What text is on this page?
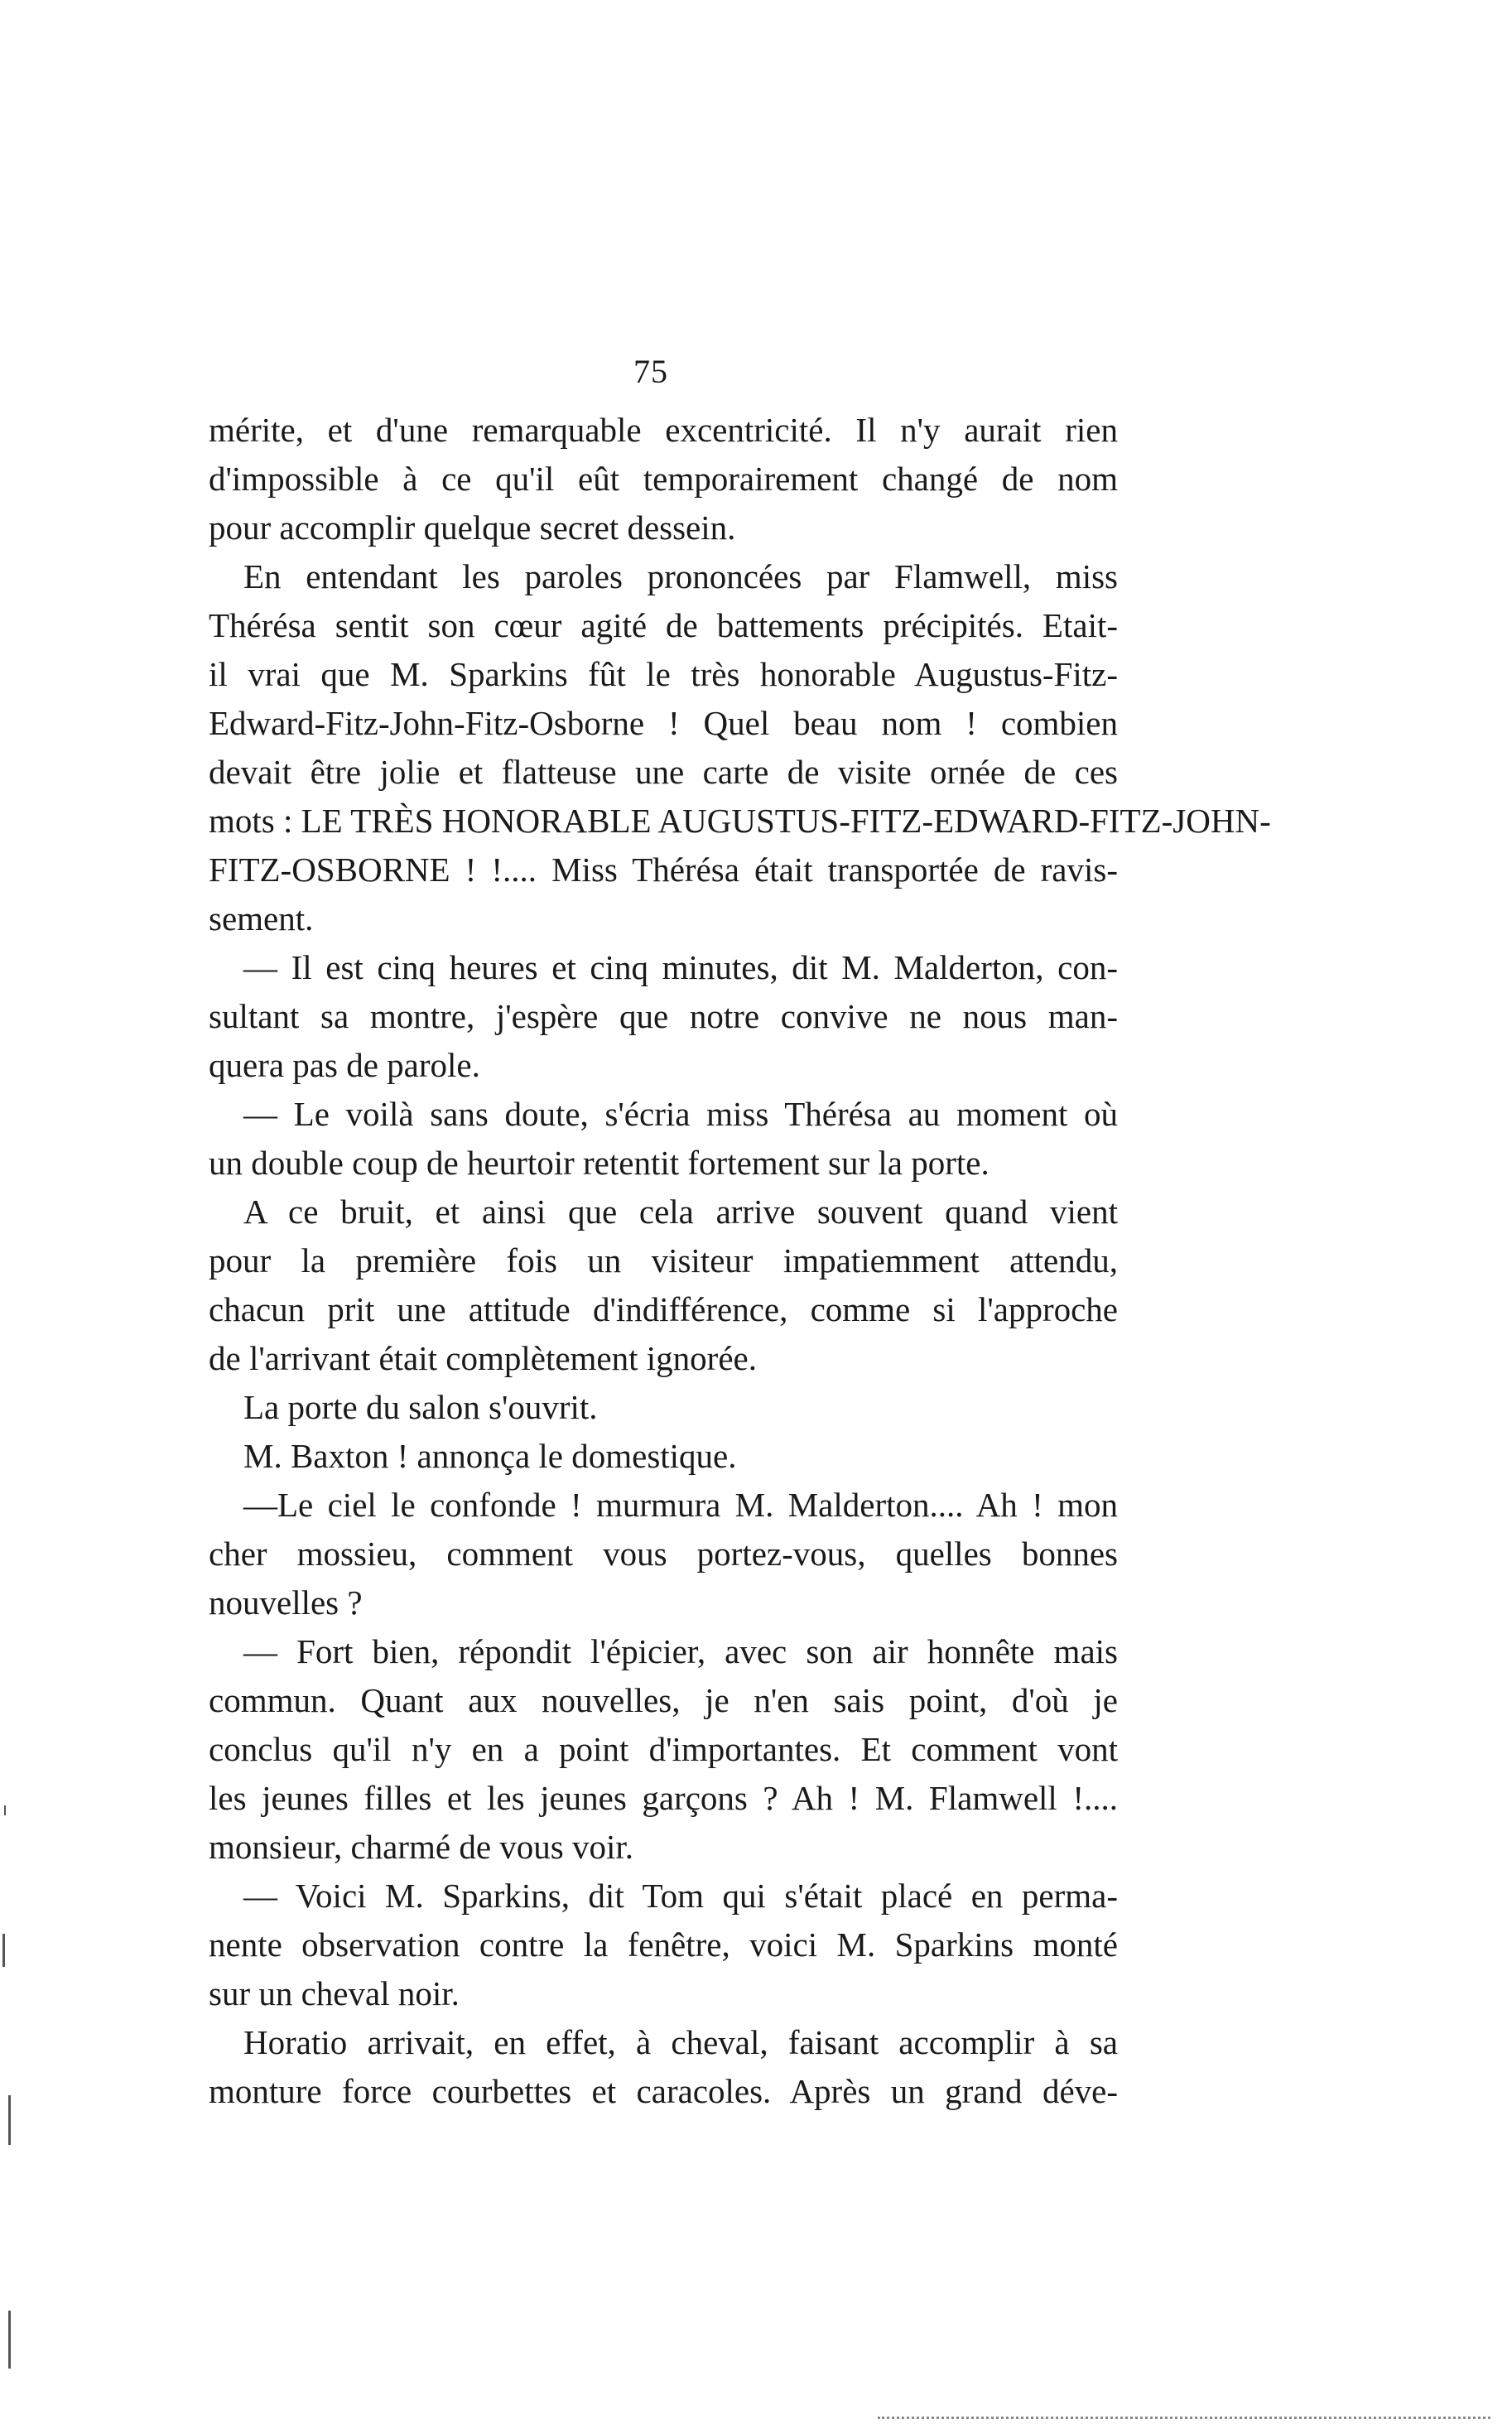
75
mérite, et d'une remarquable excentricité. Il n'y aurait rien
d'impossible à ce qu'il eût temporairement changé de nom
pour accomplir quelque secret dessein.
En entendant les paroles prononcées par Flamwell, miss
Thérésa sentit son cœur agité de battements précipités. Etait-
il vrai que M. Sparkins fût le très honorable Augustus-Fitz-
Edward-Fitz-John-Fitz-Osborne ! Quel beau nom ! combien
devait être jolie et flatteuse une carte de visite ornée de ces
mots : LE TRÈS HONORABLE AUGUSTUS-FITZ-EDWARD-FITZ-JOHN-
FITZ-OSBORNE ! !.... Miss Thérésa était transportée de ravis-
sement.
— Il est cinq heures et cinq minutes, dit M. Malderton, con-
sultant sa montre, j'espère que notre convive ne nous man-
quera pas de parole.
— Le voilà sans doute, s'écria miss Thérésa au moment où
un double coup de heurtoir retentit fortement sur la porte.
A ce bruit, et ainsi que cela arrive souvent quand vient
pour la première fois un visiteur impatiemment attendu,
chacun prit une attitude d'indifférence, comme si l'approche
de l'arrivant était complètement ignorée.
La porte du salon s'ouvrit.
M. Baxton ! annonça le domestique.
—Le ciel le confonde ! murmura M. Malderton.... Ah ! mon
cher mossieu, comment vous portez-vous, quelles bonnes
nouvelles ?
— Fort bien, répondit l'épicier, avec son air honnête mais
commun. Quant aux nouvelles, je n'en sais point, d'où je
conclus qu'il n'y en a point d'importantes. Et comment vont
les jeunes filles et les jeunes garçons ? Ah ! M. Flamwell !....
monsieur, charmé de vous voir.
— Voici M. Sparkins, dit Tom qui s'était placé en perma-
nente observation contre la fenêtre, voici M. Sparkins monté
sur un cheval noir.
Horatio arrivait, en effet, à cheval, faisant accomplir à sa
monture force courbettes et caracoles. Après un grand déve-
